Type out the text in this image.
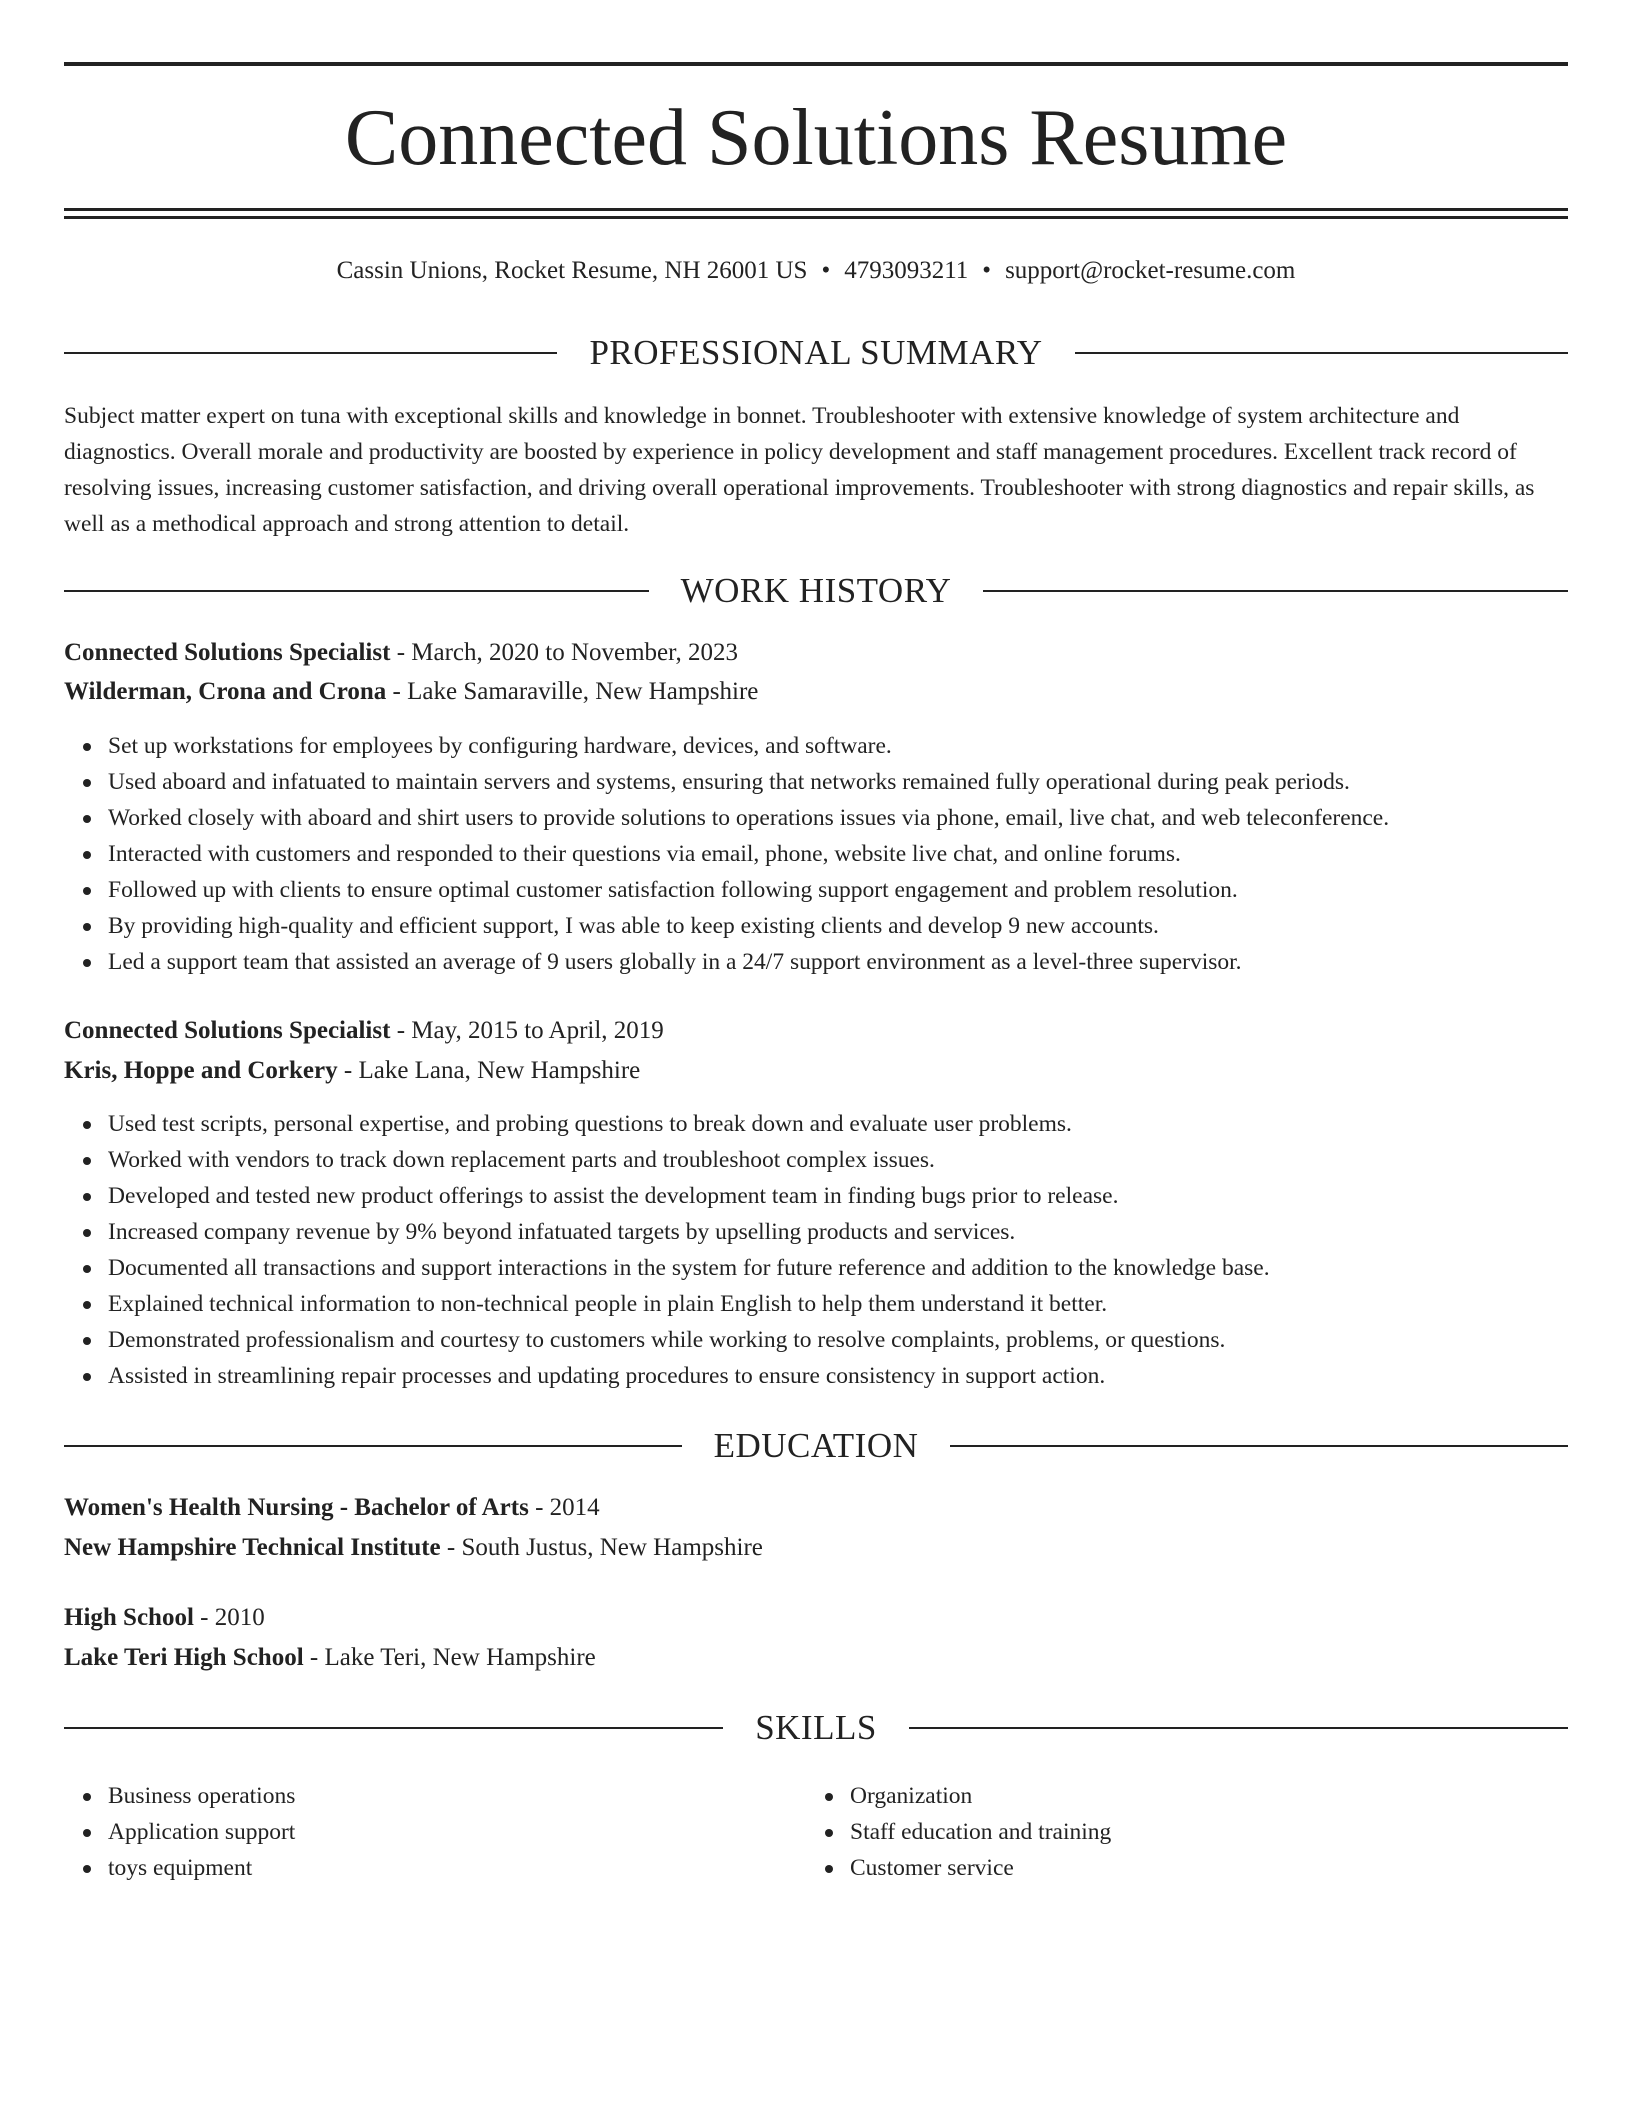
Connected Solutions Resume
Cassin Unions, Rocket Resume, NH 26001 US • 4793093211 • support@rocket-resume.com
PROFESSIONAL SUMMARY

Subject matter expert on tuna with exceptional skills and knowledge in bonnet. Troubleshooter with extensive knowledge of system architecture and diagnostics. Overall morale and productivity are boosted by experience in policy development and staff management procedures. Excellent track record of resolving issues, increasing customer satisfaction, and driving overall operational improvements. Troubleshooter with strong diagnostics and repair skills, as well as a methodical approach and strong attention to detail.

WORK HISTORY
Connected Solutions Specialist - March, 2020 to November, 2023
Wilderman, Crona and Crona - Lake Samaraville, New Hampshire
Set up workstations for employees by configuring hardware, devices, and software.
Used aboard and infatuated to maintain servers and systems, ensuring that networks remained fully operational during peak periods.
Worked closely with aboard and shirt users to provide solutions to operations issues via phone, email, live chat, and web teleconference.
Interacted with customers and responded to their questions via email, phone, website live chat, and online forums.
Followed up with clients to ensure optimal customer satisfaction following support engagement and problem resolution.
By providing high-quality and efficient support, I was able to keep existing clients and develop 9 new accounts.
Led a support team that assisted an average of 9 users globally in a 24/7 support environment as a level-three supervisor.
Connected Solutions Specialist - May, 2015 to April, 2019
Kris, Hoppe and Corkery - Lake Lana, New Hampshire
Used test scripts, personal expertise, and probing questions to break down and evaluate user problems.
Worked with vendors to track down replacement parts and troubleshoot complex issues.
Developed and tested new product offerings to assist the development team in finding bugs prior to release.
Increased company revenue by 9% beyond infatuated targets by upselling products and services.
Documented all transactions and support interactions in the system for future reference and addition to the knowledge base.
Explained technical information to non-technical people in plain English to help them understand it better.
Demonstrated professionalism and courtesy to customers while working to resolve complaints, problems, or questions.
Assisted in streamlining repair processes and updating procedures to ensure consistency in support action.
EDUCATION
Women's Health Nursing - Bachelor of Arts - 2014
New Hampshire Technical Institute - South Justus, New Hampshire
High School - 2010
Lake Teri High School - Lake Teri, New Hampshire
SKILLS
Business operations
Application support
toys equipment
Organization
Staff education and training
Customer service
